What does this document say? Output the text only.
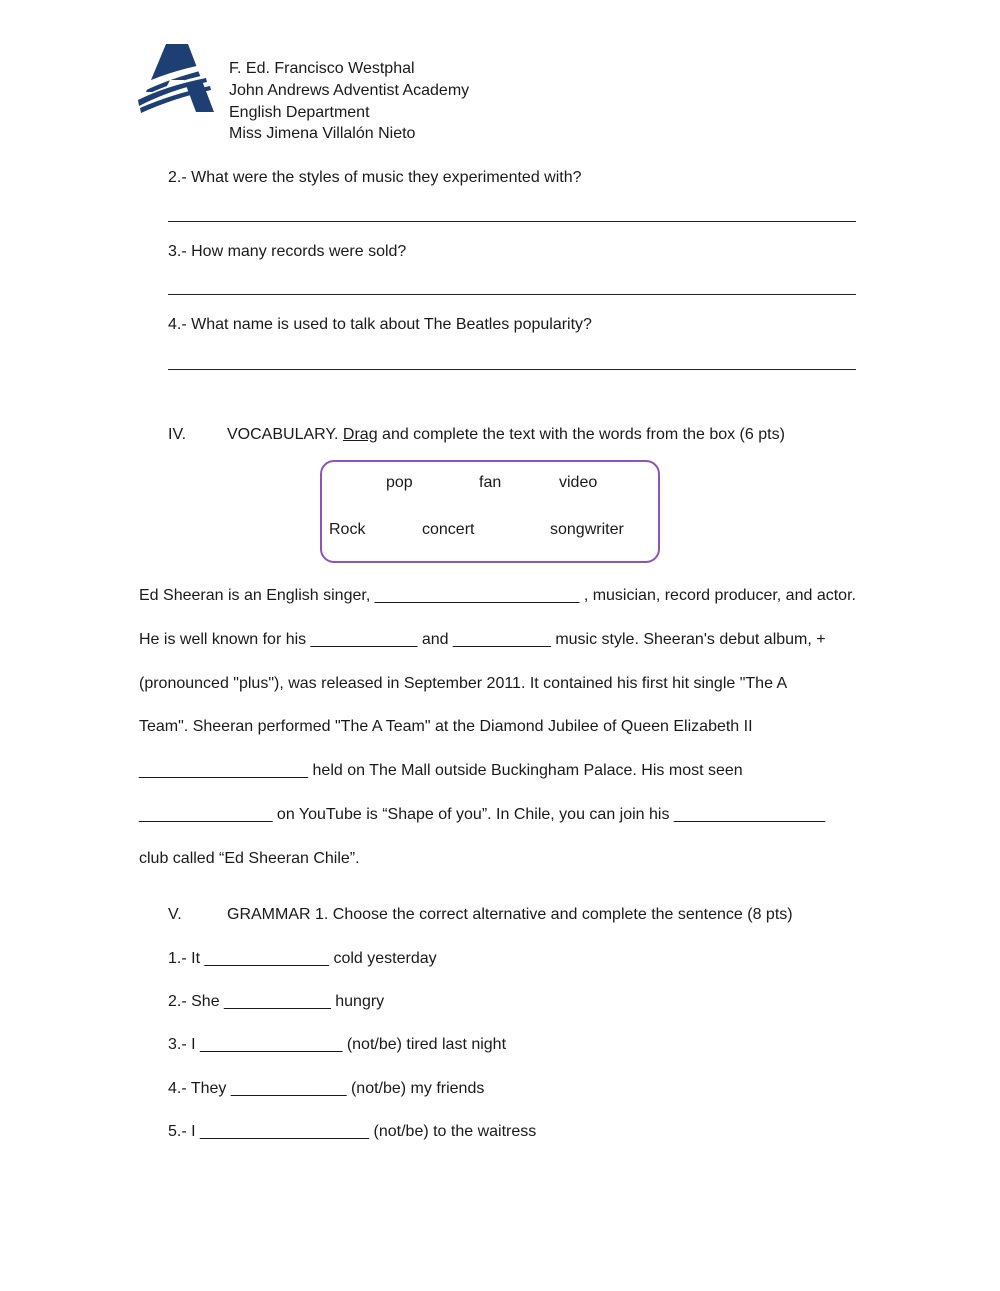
F. Ed. Francisco Westphal
John Andrews Adventist Academy
English Department
Miss Jimena Villalón Nieto
2.- What were the styles of music they experimented with?
3.- How many records were sold?
4.- What name is used to talk about The Beatles popularity?
IV.	VOCABULARY. Drag and complete the text with the words from the box (6 pts)
pop	fan	video
Rock	concert	songwriter
Ed Sheeran is an English singer, _______________________ , musician, record producer, and actor.
He is well known for his ____________ and ___________ music style. Sheeran's debut album, +
(pronounced "plus"), was released in September 2011. It contained his first hit single "The A
Team". Sheeran performed "The A Team" at the Diamond Jubilee of Queen Elizabeth II
___________________ held on The Mall outside Buckingham Palace. His most seen
_______________ on YouTube is “Shape of you”. In Chile, you can join his _________________
club called “Ed Sheeran Chile”.
V.	GRAMMAR 1. Choose the correct alternative and complete the sentence (8 pts)
1.- It ______________ cold yesterday
2.- She ____________ hungry
3.- I ________________ (not/be) tired last night
4.- They _____________ (not/be) my friends
5.- I ___________________ (not/be) to the waitress
